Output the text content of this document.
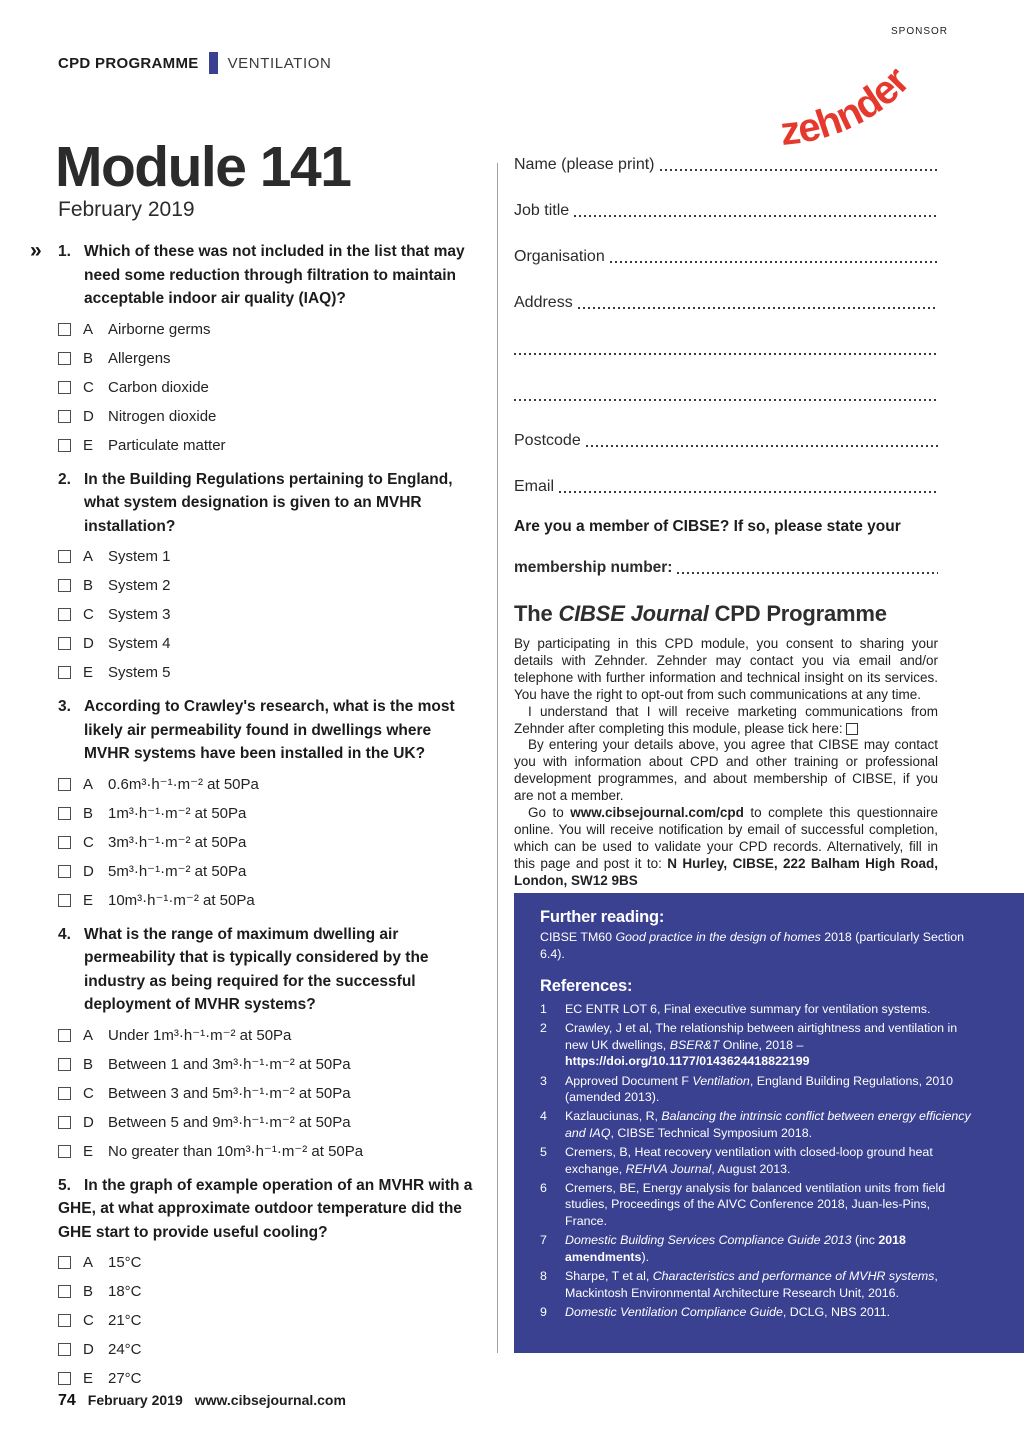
CPD PROGRAMME VENTILATION
SPONSOR
zehnder
Module 141
February 2019
» 1. Which of these was not included in the list that may need some reduction through filtration to maintain acceptable indoor air quality (IAQ)?
A Airborne germs
B Allergens
C Carbon dioxide
D Nitrogen dioxide
E Particulate matter
2. In the Building Regulations pertaining to England, what system designation is given to an MVHR installation?
A System 1
B System 2
C System 3
D System 4
E System 5
3. According to Crawley's research, what is the most likely air permeability found in dwellings where MVHR systems have been installed in the UK?
A 0.6m³·h⁻¹·m⁻² at 50Pa
B 1m³·h⁻¹·m⁻² at 50Pa
C 3m³·h⁻¹·m⁻² at 50Pa
D 5m³·h⁻¹·m⁻² at 50Pa
E 10m³·h⁻¹·m⁻² at 50Pa
4. What is the range of maximum dwelling air permeability that is typically considered by the industry as being required for the successful deployment of MVHR systems?
A Under 1m³·h⁻¹·m⁻² at 50Pa
B Between 1 and 3m³·h⁻¹·m⁻² at 50Pa
C Between 3 and 5m³·h⁻¹·m⁻² at 50Pa
D Between 5 and 9m³·h⁻¹·m⁻² at 50Pa
E No greater than 10m³·h⁻¹·m⁻² at 50Pa
5. In the graph of example operation of an MVHR with a GHE, at what approximate outdoor temperature did the GHE start to provide useful cooling?
A 15°C
B 18°C
C 21°C
D 24°C
E 27°C
Name (please print)
Job title
Organisation
Address
Postcode
Email
Are you a member of CIBSE? If so, please state your
membership number:
The CIBSE Journal CPD Programme

By participating in this CPD module, you consent to sharing your details with Zehnder. Zehnder may contact you via email and/or telephone with further information and technical insight on its services. You have the right to opt-out from such communications at any time.

I understand that I will receive marketing communications from Zehnder after completing this module, please tick here:

By entering your details above, you agree that CIBSE may contact you with information about CPD and other training or professional development programmes, and about membership of CIBSE, if you are not a member.

Go to www.cibsejournal.com/cpd to complete this questionnaire online. You will receive notification by email of successful completion, which can be used to validate your CPD records. Alternatively, fill in this page and post it to: N Hurley, CIBSE, 222 Balham High Road, London, SW12 9BS

Further reading:
CIBSE TM60 Good practice in the design of homes 2018 (particularly Section 6.4).
References:
1	EC ENTR LOT 6, Final executive summary for ventilation systems.
2	Crawley, J et al, The relationship between airtightness and ventilation in new UK dwellings, BSER&T Online, 2018 – https://doi.org/10.1177/0143624418822199
3	Approved Document F Ventilation, England Building Regulations, 2010 (amended 2013).
4	Kazlauciunas, R, Balancing the intrinsic conflict between energy efficiency and IAQ, CIBSE Technical Symposium 2018.
5	Cremers, B, Heat recovery ventilation with closed-loop ground heat exchange, REHVA Journal, August 2013.
6	Cremers, BE, Energy analysis for balanced ventilation units from field studies, Proceedings of the AIVC Conference 2018, Juan-les-Pins, France.
7	Domestic Building Services Compliance Guide 2013 (inc 2018 amendments).
8	Sharpe, T et al, Characteristics and performance of MVHR systems, Mackintosh Environmental Architecture Research Unit, 2016.
9	Domestic Ventilation Compliance Guide, DCLG, NBS 2011.
74 February 2019 www.cibsejournal.com
